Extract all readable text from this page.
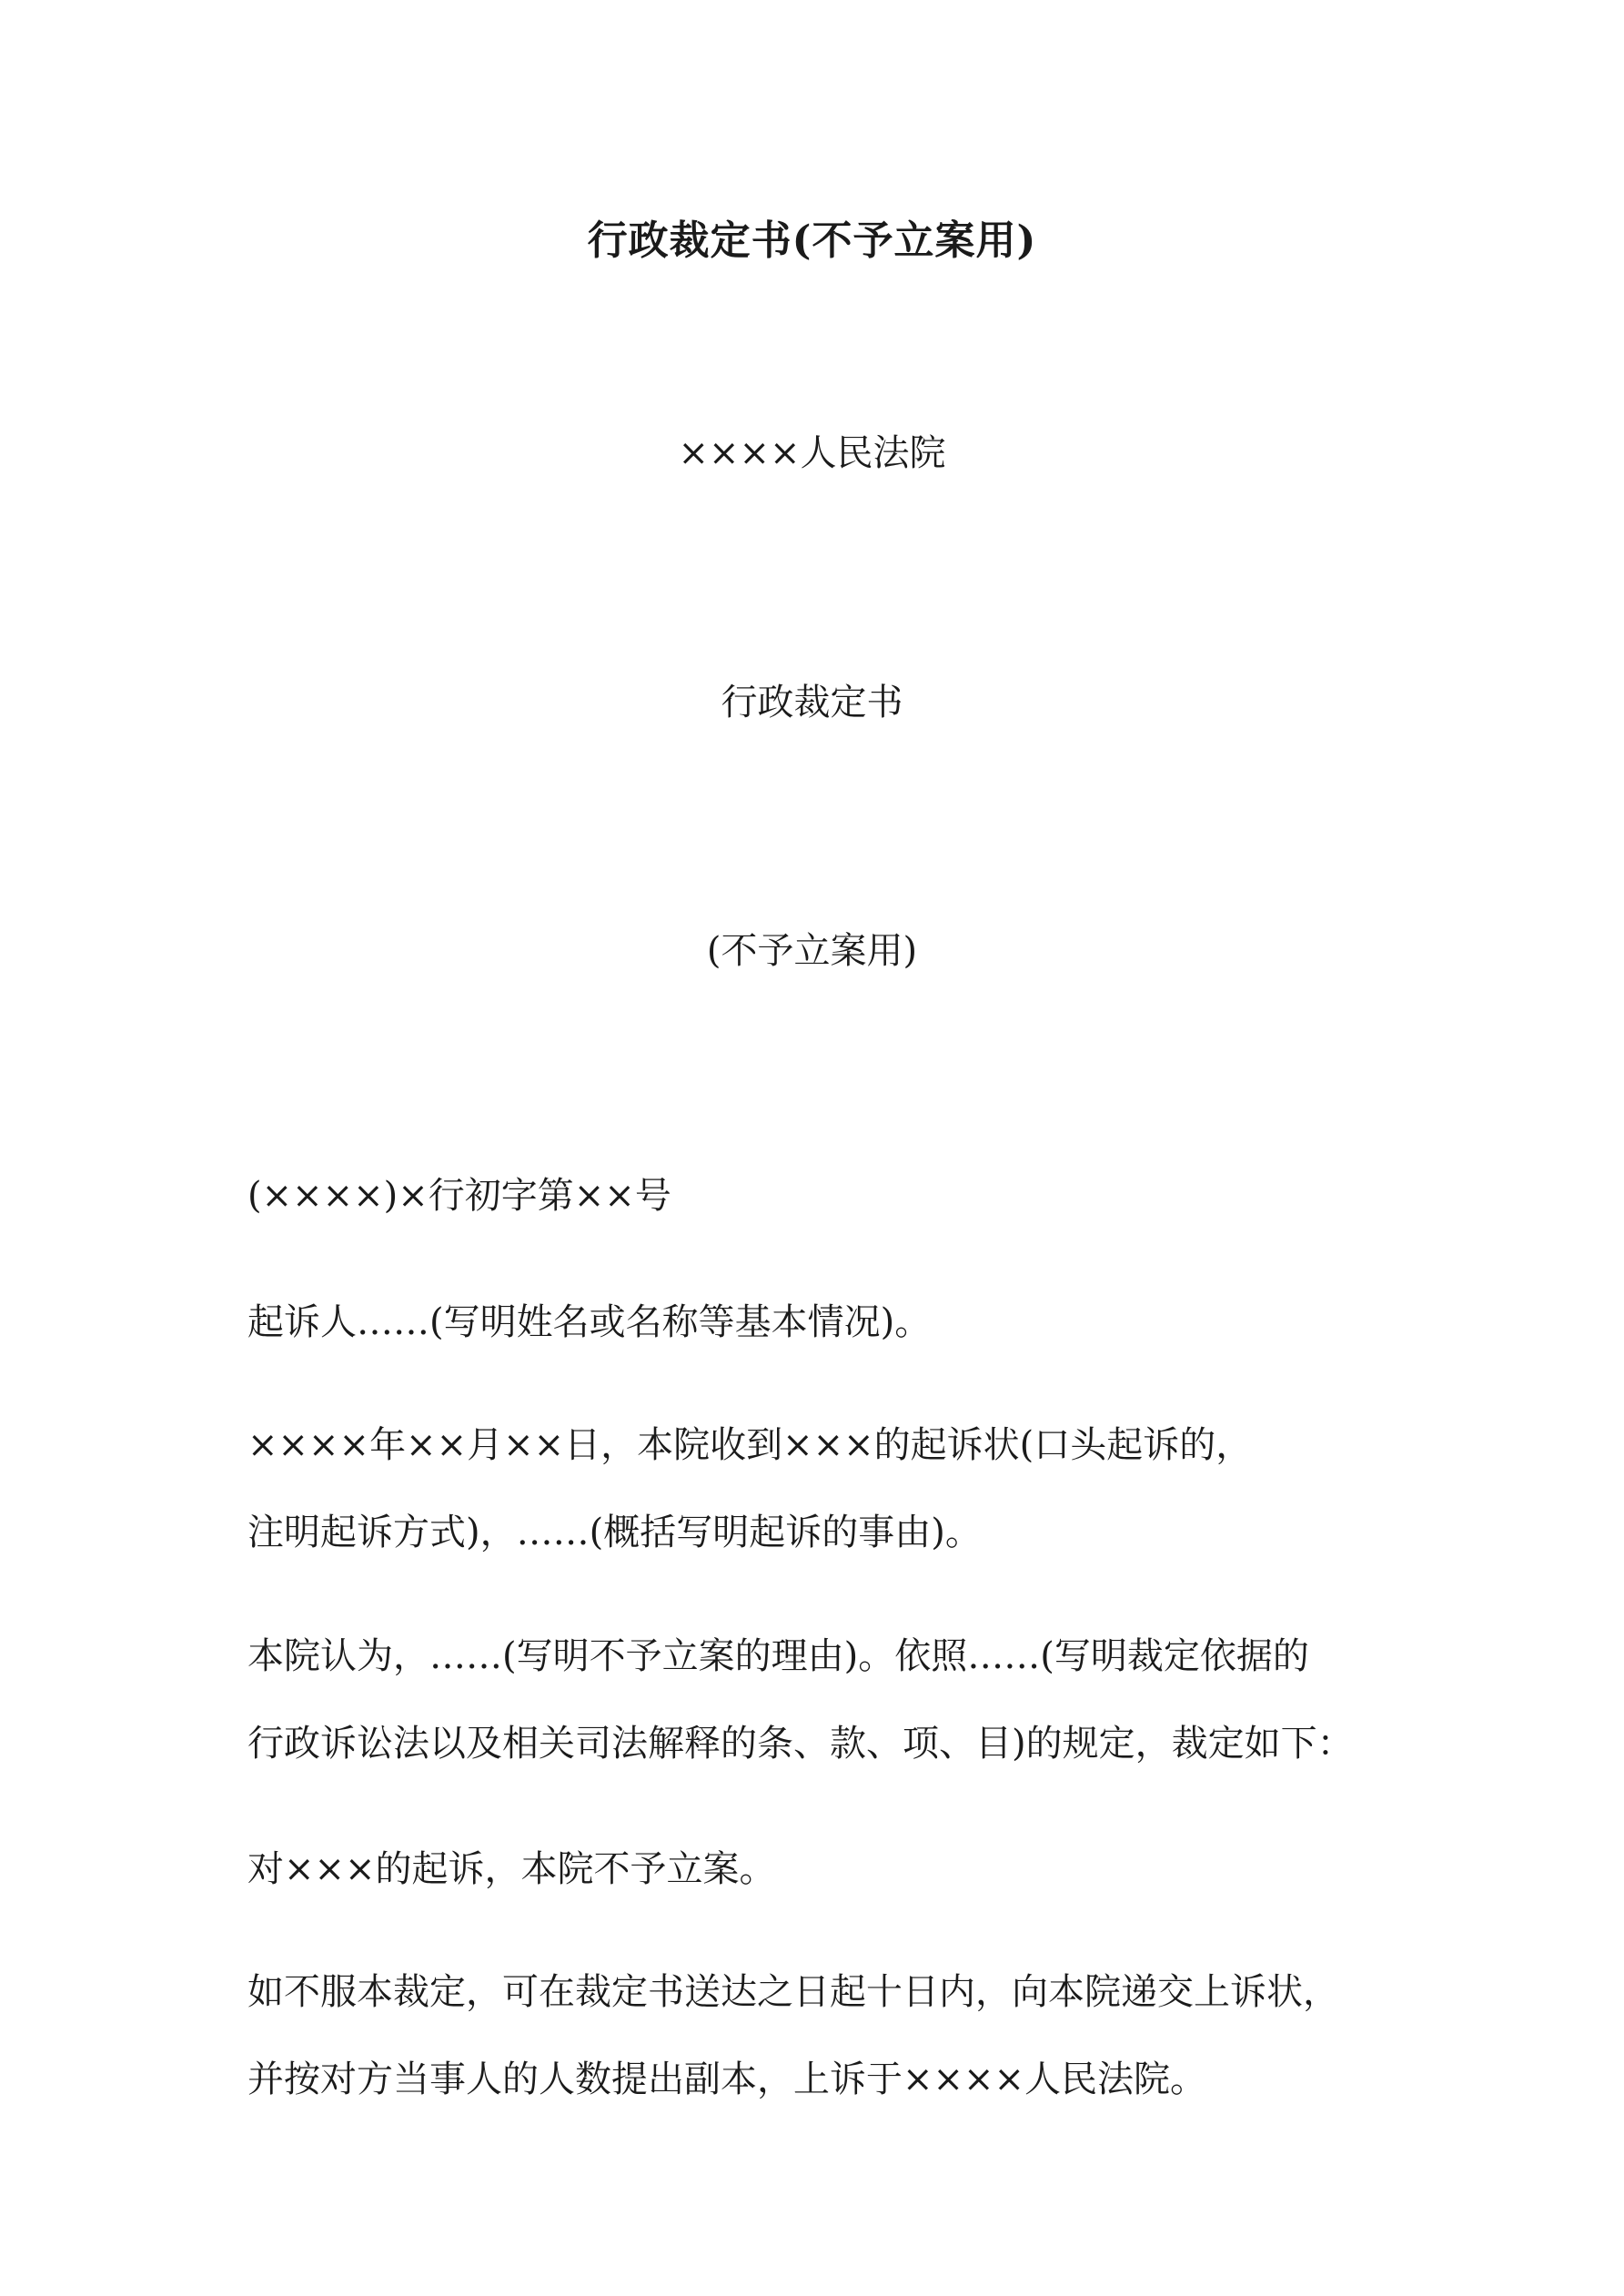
行政裁定书(不予立案用)
××××人民法院
行政裁定书
(不予立案用)
(××××)×行初字第××号
起诉人……(写明姓名或名称等基本情况)。
××××年××月××日，本院收到×××的起诉状(口头起诉的，
注明起诉方式)，……(概括写明起诉的事由)。
本院认为，……(写明不予立案的理由)。依照……(写明裁定依据的
行政诉讼法以及相关司法解释的条、款、项、目)的规定，裁定如下：
对×××的起诉，本院不予立案。
如不服本裁定，可在裁定书送达之日起十日内，向本院递交上诉状，
并按对方当事人的人数提出副本，上诉于××××人民法院。
